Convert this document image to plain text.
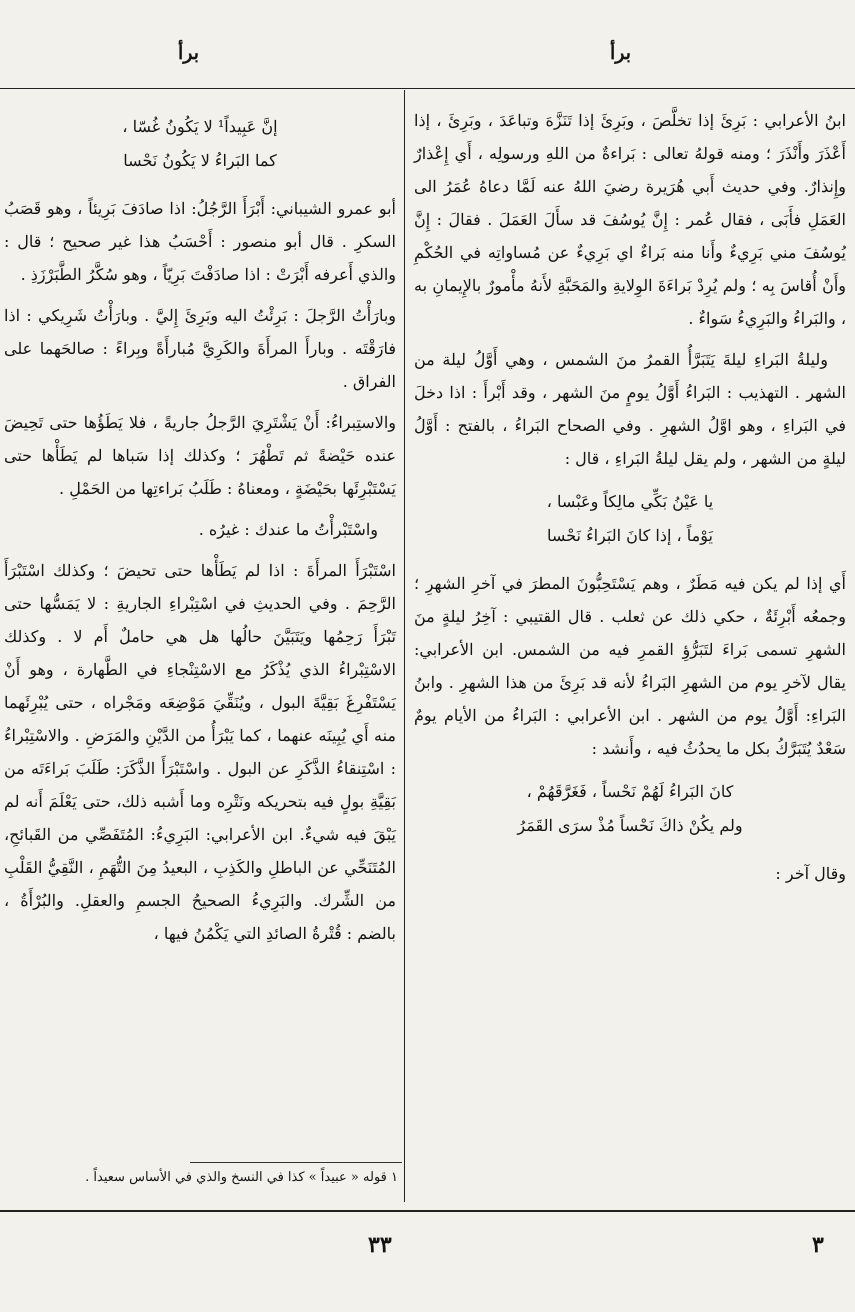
برأ
برأ

ابنُ الأعرابي : بَرِئَ إذا تخلَّصَ ، وبَرِئَ إذا تَنَزَّهَ وتباعَدَ ، وبَرِئَ ، إذا أَعْذَرَ وأَنْذَرَ ؛ ومنه قولهُ تعالى : بَراءةٌ من اللهِ ورسولِه ، أَي إِعْذارٌ وإِنذارٌ. وفي حديث أَبي هُرَيرة رضيَ اللهُ عنه لَمَّا دعاهُ عُمَرُ الى العَمَلِ فأَبَى ، فقال عُمر : إِنَّ يُوسُفَ قد سأَلَ العَمَلَ . فقالَ : إِنَّ يُوسُفَ مني بَرِيءٌ وأَنا منه بَراءٌ اي بَرِيءٌ عن مُساواتِه في الحُكْمِ وأَنْ أُقاسَ بِه ؛ ولم يُرِدْ بَراءَةَ الوِلايةِ والمَحَبَّةِ لأَنهُ مأْمورٌ بالإِيمانِ به ، والبَراءُ والبَرِيءُ سَواءٌ .

وليلةُ البَراءِ ليلةَ يَتَبَرَّأُ القمرُ منَ الشمس ، وهي أَوَّلُ ليلة من الشهر . التهذيب : البَراءُ أَوَّلُ يومٍ منَ الشهر ، وقد أَبْرأَ : اذا دخلَ في البَراءِ ، وهو اوَّلُ الشهرِ . وفي الصحاح البَراءُ ، بالفتح : أَوَّلُ ليلةٍ من الشهر ، ولم يقل ليلةُ البَراءِ ، قال :

يا عَيْنُ بَكِّي مالِكاً وعَبْسا ،
يَوْماً ، إذا كانَ البَراءُ نَحْسا

أَي إذا لم يكن فيه مَطَرٌ ، وهم يَسْتَحِبُّونَ المطرَ في آخرِ الشهرِ ؛ وجمعُه أَبْرِئَةٌ ، حكي ذلك عن ثعلب . قال القتيبي : آخِرُ ليلةٍ منَ الشهرِ تسمى بَراءَ لتَبَرُّؤِ القمرِ فيه من الشمس. ابن الأعرابي: يقال لآخرِ يوم من الشهرِ البَراءُ لأنه قد بَرِئَ من هذا الشهرِ . وابنُ البَراءِ: أَوَّلُ يوم من الشهر . ابن الأعرابي : البَراءُ من الأيام يومٌ سَعْدٌ يُتَبَرَّكُ بكل ما يحدُثُ فيه ، وأَنشد :

كانَ البَراءُ لَهُمْ نَحْساً ، فَغَرَّقَهُمْ ،
ولم يكُنْ ذاكَ نَحْساً مُذْ سرَى القَمَرُ

وقال آخر :

إنَّ عَبِيداً¹ لا يَكُونُ غُسّا ،
كما البَراءُ لا يَكُونُ نَحْسا

أبو عمرو الشيباني: أَبْرَأَ الرَّجُلُ: اذا صادَفَ بَرِيئاً ، وهو قَصَبُ السكرِ . قال أبو منصور : أَحْسَبُ هذا غير صحيح ؛ قال : والذي أَعرفه أَبْرَتْ : اذا صادَفْتَ بَرِيّاً ، وهو سُكَّرُ الطَّبَرْزَذِ .

وبارَأْتُ الرَّجلَ : بَرِئْتُ اليه وبَرِئَ إِليَّ . وبارَأْتُ شَرِيكي : اذا فارَقْتَه . وبارأَ المرأَةَ والكَرِيَّ مُبارأَةً وبِراءً : صالحَهما على الفراق .

والاستِبراءُ: أَنْ يَشْتَرِيَ الرَّجلُ جاريةً ، فلا يَطَؤُها حتى تَحِيضَ عنده حَيْضةً ثم تَطْهُرَ ؛ وكذلك إذا سَباها لم يَطَأْها حتى يَسْتَبْرِئَها بحَيْضَةٍ ، ومعناهُ : طَلَبُ بَراءتِها من الحَمْلِ .

واسْتَبْرأْتُ ما عندك : غيرُه .

اسْتَبْرَأَ المرأَةَ : اذا لم يَطَأْها حتى تحيضَ ؛ وكذلك اسْتَبْرَأَ الرَّحِمَ . وفي الحديثِ في اسْتِبْراءِ الجاريةِ : لا يَمَسُّها حتى تَبْرَأَ رَحِمُها ويَتَبَيَّنَ حالُها هل هي حاملٌ أَم لا . وكذلك الاسْتِبْراءُ الذي يُذْكَرُ مع الاسْتِنْجاءِ في الطَّهارة ، وهو أَنْ يَسْتَفْرِغَ بَقِيَّةَ البول ، ويُنَقِّيَ مَوْضِعَه ومَجْراه ، حتى يُبْرِئَهما منه أَي يُبِينَه عنهما ، كما يَبْرَأُ من الدَّيْنِ والمَرَضِ . والاسْتِبْراءُ : اسْتِنقاءُ الذَّكَرِ عن البول . واسْتَبْرَأَ الذَّكَرَ: طَلَبَ بَراءَتَه من بَقِيَّةِ بولٍ فيه بتحريكه ونَتْرِه وما أَشبه ذلك، حتى يَعْلَمَ أَنه لم يَبْقَ فيه شيءٌ. ابن الأعرابي: البَرِيءُ: المُتَفَصِّي من القَبائحِ، المُتَنَحِّي عن الباطلِ والكَذِبِ ، البعيدُ مِنَ التُّهَمِ ، النَّقِيُّ القَلْبِ من الشِّرك. والبَرِيءُ الصحيحُ الجسمِ والعقلِ. والبُرْأَةُ ، بالضم : قُتْرةُ الصائدِ التي يَكْمُنُ فيها ،

١ قوله « عبيداً » كذا في النسخ والذي في الأساس سعيداً .
٣
٣٣
